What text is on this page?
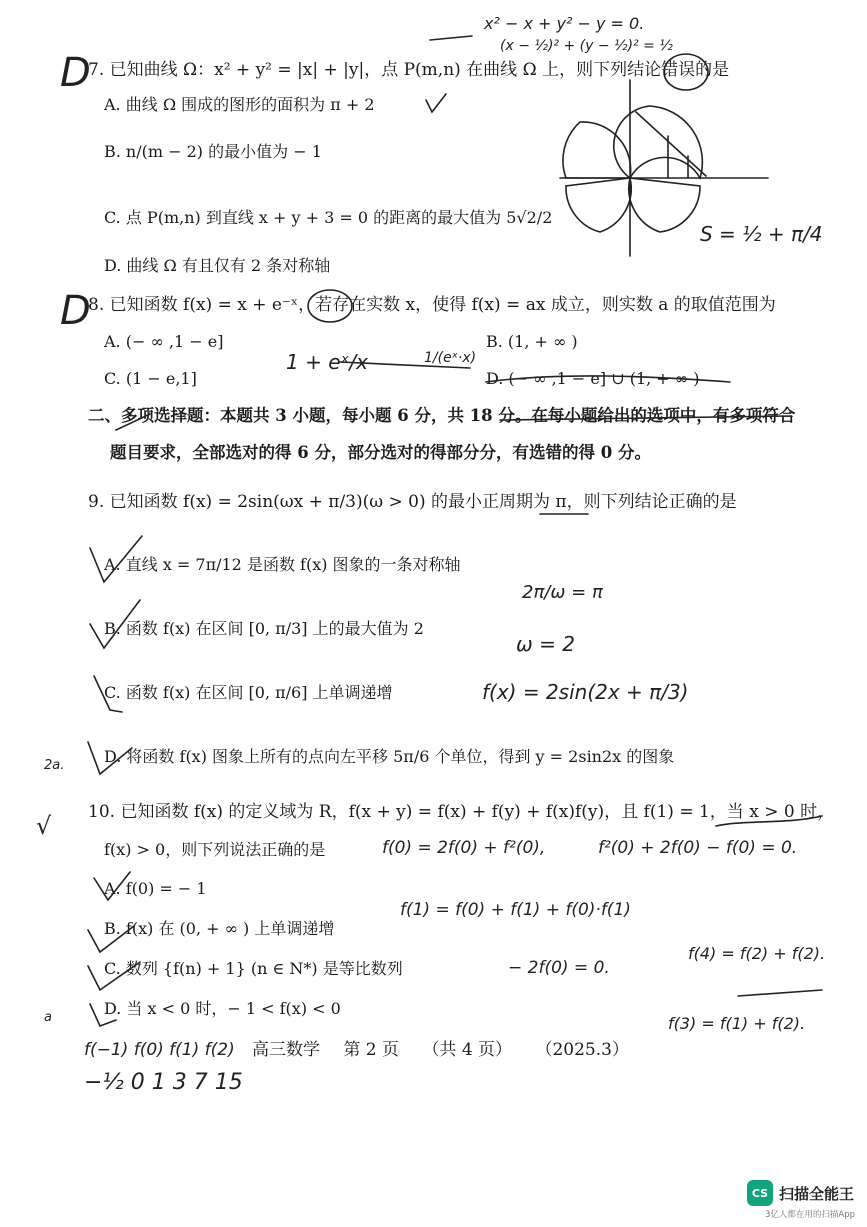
7. 已知曲线 Ω：x² + y² = |x| + |y|，点 P(m,n) 在曲线 Ω 上，则下列结论错误的是
A. 曲线 Ω 围成的图形的面积为 π + 2
B. n/(m − 2) 的最小值为 − 1
C. 点 P(m,n) 到直线 x + y + 3 = 0 的距离的最大值为 5√2/2
D. 曲线 Ω 有且仅有 2 条对称轴
8. 已知函数 f(x) = x + e⁻ˣ，若存在实数 x，使得 f(x) = ax 成立，则实数 a 的取值范围为
A. (− ∞ ,1 − e]	B. (1, + ∞ )
C. (1 − e,1]	D. (− ∞ ,1 − e] ∪ (1, + ∞ )
二、多项选择题：本题共 3 小题，每小题 6 分，共 18 分。在每小题给出的选项中，有多项符合
题目要求，全部选对的得 6 分，部分选对的得部分分，有选错的得 0 分。
9. 已知函数 f(x) = 2sin(ωx + π/3)(ω > 0) 的最小正周期为 π，则下列结论正确的是
A. 直线 x = 7π/12 是函数 f(x) 图象的一条对称轴
B. 函数 f(x) 在区间 [0, π/3] 上的最大值为 2
C. 函数 f(x) 在区间 [0, π/6] 上单调递增
D. 将函数 f(x) 图象上所有的点向左平移 5π/6 个单位，得到 y = 2sin2x 的图象
10. 已知函数 f(x) 的定义域为 R，f(x + y) = f(x) + f(y) + f(x)f(y)，且 f(1) = 1，当 x > 0 时，
f(x) > 0，则下列说法正确的是
A. f(0) = − 1
B. f(x) 在 (0, + ∞ ) 上单调递增
C. 数列 {f(n) + 1} (n ∈ N*) 是等比数列
D. 当 x < 0 时，− 1 < f(x) < 0
高三数学 第 2 页 （共 4 页） （2025.3）
D
D
x² − x + y² − y = 0.
(x − ½)² + (y − ½)² = ½
S = ½ + π/4
1 + eˣ/x	1/(eˣ·x)
2π/ω = π
ω = 2
f(x) = 2sin(2x + π/3)
f(0) = 2f(0) + f²(0),	f²(0) + 2f(0) − f(0) = 0.
f(1) = f(0) + f(1) + f(0)·f(1)
− 2f(0) = 0.
f(4) = f(2) + f(2).
f(3) = f(1) + f(2).
f(−1) f(0) f(1) f(2)
−½ 0 1 3 7 15
2a.
√
a
CS 扫描全能王
3亿人都在用的扫描App
